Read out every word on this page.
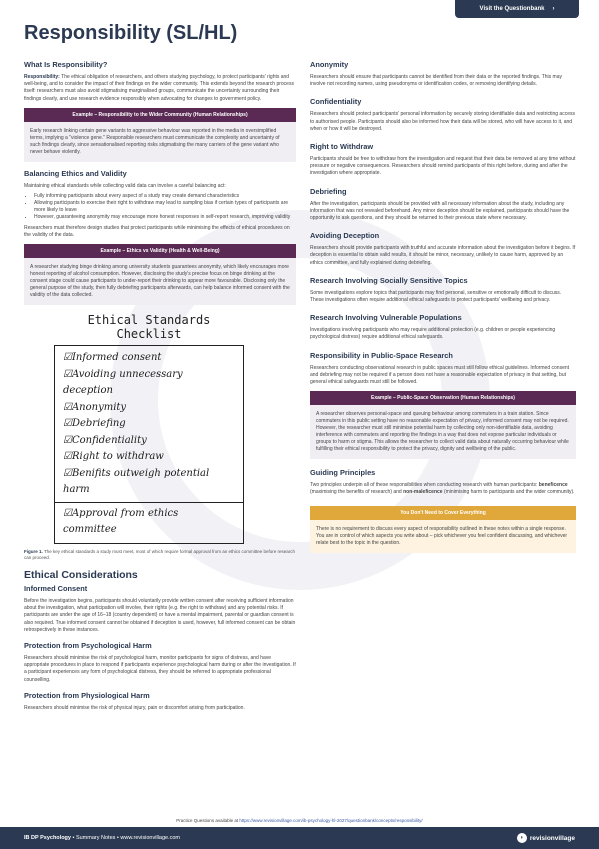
Visit the Questionbank ›
Responsibility (SL/HL)
What Is Responsibility?

Responsibility: The ethical obligation of researchers, and others studying psychology, to protect participants' rights and well-being, and to consider the impact of their findings on the wider community. This extends beyond the research process itself: researchers must also avoid stigmatising marginalised groups, communicate the uncertainty surrounding their findings clearly, and use research evidence responsibly when advocating for changes to government policy.

Example – Responsibility to the Wider Community (Human Relationships)
Early research linking certain gene variants to aggressive behaviour was reported in the media in oversimplified terms, implying a "violence gene." Responsible researchers must communicate the complexity and uncertainty of such findings clearly, since sensationalised reporting risks stigmatising the many carriers of the gene variant who never behave violently.
Balancing Ethics and Validity

Maintaining ethical standards while collecting valid data can involve a careful balancing act:

• Fully informing participants about every aspect of a study may create demand characteristics
• Allowing participants to exercise their right to withdraw may lead to sampling bias if certain types of participants are more likely to leave
• However, guaranteeing anonymity may encourage more honest responses in self-report research, improving validity

Researchers must therefore design studies that protect participants while minimising the effects of ethical procedures on the validity of the data.

Example – Ethics vs Validity (Health & Well-Being)
A researcher studying binge drinking among university students guarantees anonymity, which likely encourages more honest reporting of alcohol consumption. However, disclosing the study's precise focus on binge drinking at the consent stage could cause participants to under-report their drinking to appear more favourable. Disclosing only the general purpose of the study, then fully debriefing participants afterwards, can help balance informed consent with the validity of the data collected.
Ethical Standards Checklist
☑Informed consent
☑Avoiding unnecessary deception
☑Anonymity
☑Debriefing
☑Confidentiality
☑Right to withdraw
☑Benifits outweigh potential harm
☑Approval from ethics committee

Figure 1. The key ethical standards a study must meet, most of which require formal approval from an ethics committee before research can proceed.

Ethical Considerations
Informed Consent

Before the investigation begins, participants should voluntarily provide written consent after receiving sufficient information about the investigation, what participation will involve, their rights (e.g. the right to withdraw) and any potential risks. If participants are under the age of 16–18 (country dependent) or have a mental impairment, parental or guardian consent is also required. True informed consent cannot be obtained if deception is used, however, full informed consent can be obtain retrospectively in these instances.

Protection from Psychological Harm

Researchers should minimise the risk of psychological harm, monitor participants for signs of distress, and have appropriate procedures in place to respond if participants experience psychological harm during or after the investigation. If a participant experiences any form of psychological distress, they should be referred to appropriate professional counselling.

Protection from Physiological Harm

Researchers should minimise the risk of physical injury, pain or discomfort arising from participation.

Anonymity

Researchers should ensure that participants cannot be identified from their data or the reported findings. This may involve not recording names, using pseudonyms or identification codes, or removing identifying details.

Confidentiality

Researchers should protect participants' personal information by securely storing identifiable data and restricting access to authorised people. Participants should also be informed how their data will be stored, who will have access to it, and when or how it will be destroyed.

Right to Withdraw

Participants should be free to withdraw from the investigation and request that their data be removed at any time without pressure or negative consequences. Researchers should remind participants of this right before, during and after the investigation where appropriate.

Debriefing

After the investigation, participants should be provided with all necessary information about the study, including any information that was not revealed beforehand. Any minor deception should be explained, participants should have the opportunity to ask questions, and they should be returned to their previous state where necessary.

Avoiding Deception

Researchers should provide participants with truthful and accurate information about the investigation before it begins. If deception is essential to obtain valid results, it should be minor, necessary, unlikely to cause harm, approved by an ethics committee, and fully explained during debriefing.

Research Involving Socially Sensitive Topics

Some investigations explore topics that participants may find personal, sensitive or emotionally difficult to discuss. These investigations often require additional ethical safeguards to protect participants' wellbeing and privacy.

Research Involving Vulnerable Populations

Investigations involving participants who may require additional protection (e.g. children or people experiencing psychological distress) require additional ethical safeguards.

Responsibility in Public-Space Research

Researchers conducting observational research in public spaces must still follow ethical guidelines. Informed consent and debriefing may not be required if a person does not have a reasonable expectation of privacy in that setting, but general ethical safeguards must still be followed.

Example – Public-Space Observation (Human Relationships)
A researcher observes personal-space and queuing behaviour among commuters in a train station. Since commuters in this public setting have no reasonable expectation of privacy, informed consent may not be required. However, the researcher must still minimise potential harm by collecting only non-identifiable data, avoiding interference with commuters and reporting the findings in a way that does not expose particular individuals or groups to harm or stigma. This allows the researcher to collect valid data about naturally occurring behaviour while fulfilling their ethical responsibility to protect the privacy, dignity and wellbeing of the public.
Guiding Principles

Two principles underpin all of these responsibilities when conducting research with human participants: beneficence (maximising the benefits of research) and non-maleficence (minimising harm to participants and the wider community).

You Don't Need to Cover Everything
There is no requirement to discuss every aspect of responsibility outlined in these notes within a single response. You are in control of which aspects you write about – pick whichever you feel confident discussing, and whichever relate best to the topic in the question.
Practice Questions available at https://www.revisionvillage.com/ib-psychology-hl-2027/questionbank/concepts/responsibility/
IB DP Psychology • Summary Notes • www.revisionvillage.com	◗ revisionvillage
